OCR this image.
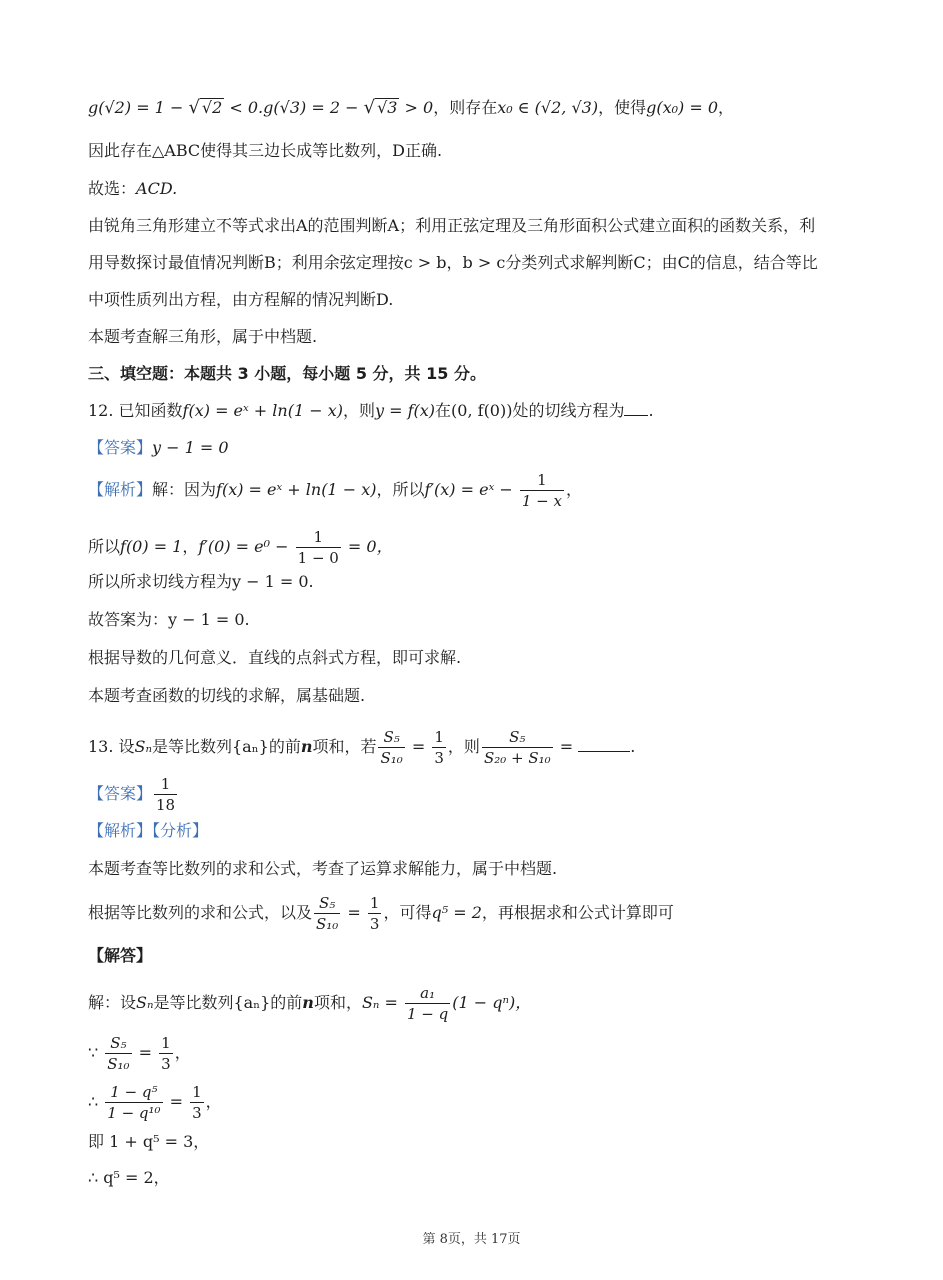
g(√2) = 1 − √ √2 < 0.g(√3) = 2 − √ √3 > 0，则存在x₀ ∈ (√2, √3)，使得g(x₀) = 0，
因此存在△ABC使得其三边长成等比数列，D正确.
故选：ACD.
由锐角三角形建立不等式求出A的范围判断A；利用正弦定理及三角形面积公式建立面积的函数关系，利
用导数探讨最值情况判断B；利用余弦定理按c > b，b > c分类列式求解判断C；由C的信息，结合等比
中项性质列出方程，由方程解的情况判断D.
本题考查解三角形，属于中档题.
三、填空题：本题共 3 小题，每小题 5 分，共 15 分。
12. 已知函数f(x) = eˣ + ln(1 − x)，则y = f(x)在(0, f(0))处的切线方程为 .
【答案】y − 1 = 0
【解析】解：因为f(x) = eˣ + ln(1 − x)，所以f′(x) = eˣ − $\frac{1}{1 - x}$ ，
所以f(0) = 1，$f'(0) = e^0 - \frac{1}{1 - 0} = 0$，
所以所求切线方程为y − 1 = 0.
故答案为：y − 1 = 0.
根据导数的几何意义．直线的点斜式方程，即可求解.
本题考查函数的切线的求解，属基础题.
13. 设Sₙ是等比数列{aₙ}的前n项和，若 $\frac{\text{S₅}}{\text{S₁₀}} = \frac{1}{3}$ ，则 $\frac{\text{S₅}}{\text{S₂₀ + S₁₀}}$ =	.
【答案】 $\frac{1}{18}$
【解析】【分析】
本题考查等比数列的求和公式，考查了运算求解能力，属于中档题.
根据等比数列的求和公式，以及 $\frac{\text{S₅}}{\text{S₁₀}} = \frac{1}{3}$ ，可得q⁵ = 2，再根据求和公式计算即可
【解答】
解：设Sₙ是等比数列{aₙ}的前n项和，$S_n = \frac{\text{a₁}}{1 - q} (1 - q^n)$，
∵ $\frac{\text{S₅}}{\text{S₁₀}} = \frac{1}{3}$ ，
∴ $\frac{\text{1 − q⁵}}{\text{1 − q¹⁰}} = \frac{1}{3}$ ，
即 1 + q⁵ = 3，
∴ q⁵ = 2，
第 8页，共 17页
